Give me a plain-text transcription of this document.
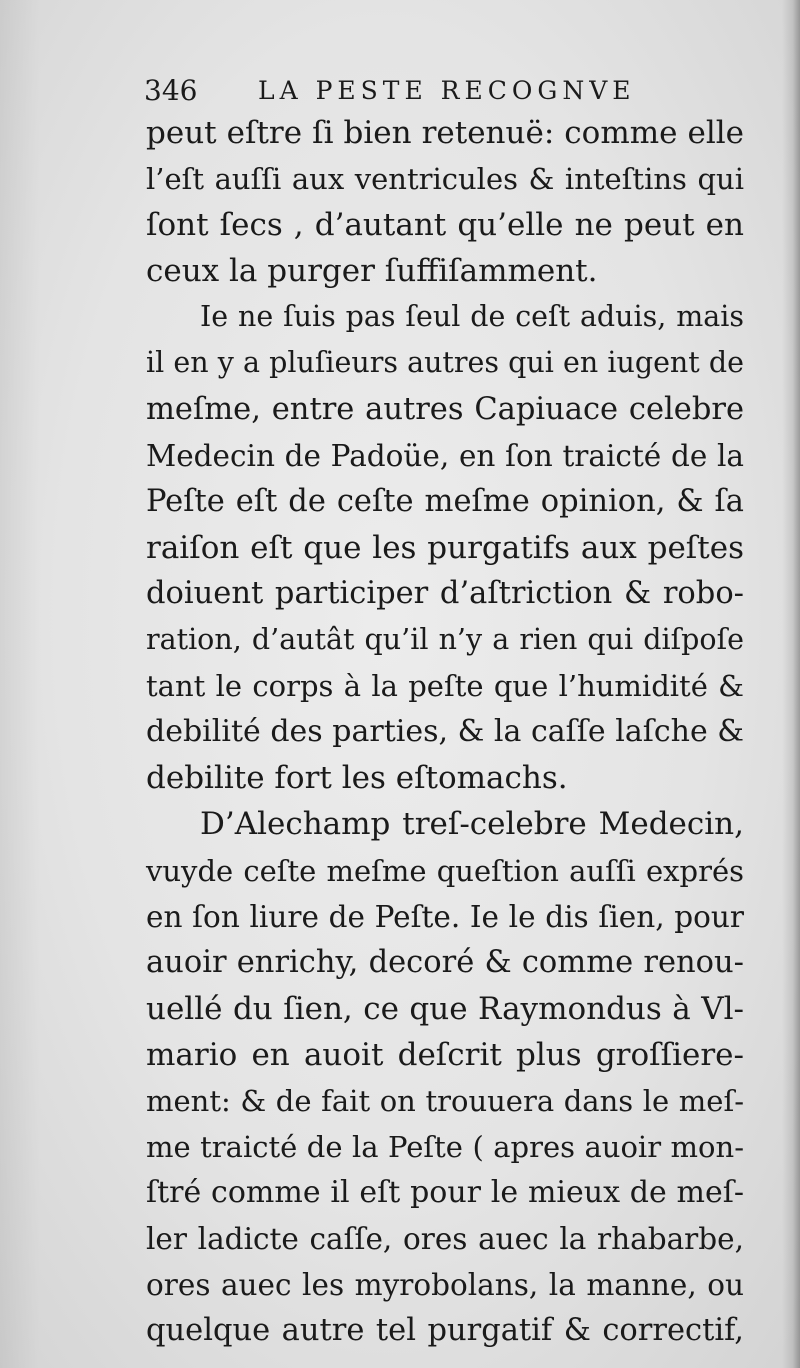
346 LA PESTE RECOGNVE
peut eſtre ſi bien retenuë: comme elle
l’eſt auſſi aux ventricules & inteſtins qui
ſont ſecs , d’autant qu’elle ne peut en
ceux la purger ſuffiſamment.
Ie ne ſuis pas ſeul de ceſt aduis, mais
il en y a pluſieurs autres qui en iugent de
meſme, entre autres Capiuace celebre
Medecin de Padoüe, en ſon traicté de la
Peſte eſt de ceſte meſme opinion, & ſa
raiſon eſt que les purgatifs aux peſtes
doiuent participer d’aſtriction & robo-
ration, d’autât qu’il n’y a rien qui diſpoſe
tant le corps à la peſte que l’humidité &
debilité des parties, & la caſſe laſche &
debilite fort les eſtomachs.
D’Alechamp treſ-celebre Medecin,
vuyde ceſte meſme queſtion auſſi exprés
en ſon liure de Peſte. Ie le dis ſien, pour
auoir enrichy, decoré & comme renou-
uellé du ſien, ce que Raymondus à Vl-
mario en auoit deſcrit plus groſſiere-
ment: & de fait on trouuera dans le meſ-
me traicté de la Peſte ( apres auoir mon-
ſtré comme il eſt pour le mieux de meſ-
ler ladicte caſſe, ores auec la rhabarbe,
ores auec les myrobolans, la manne, ou
quelque autre tel purgatif & correctif,
